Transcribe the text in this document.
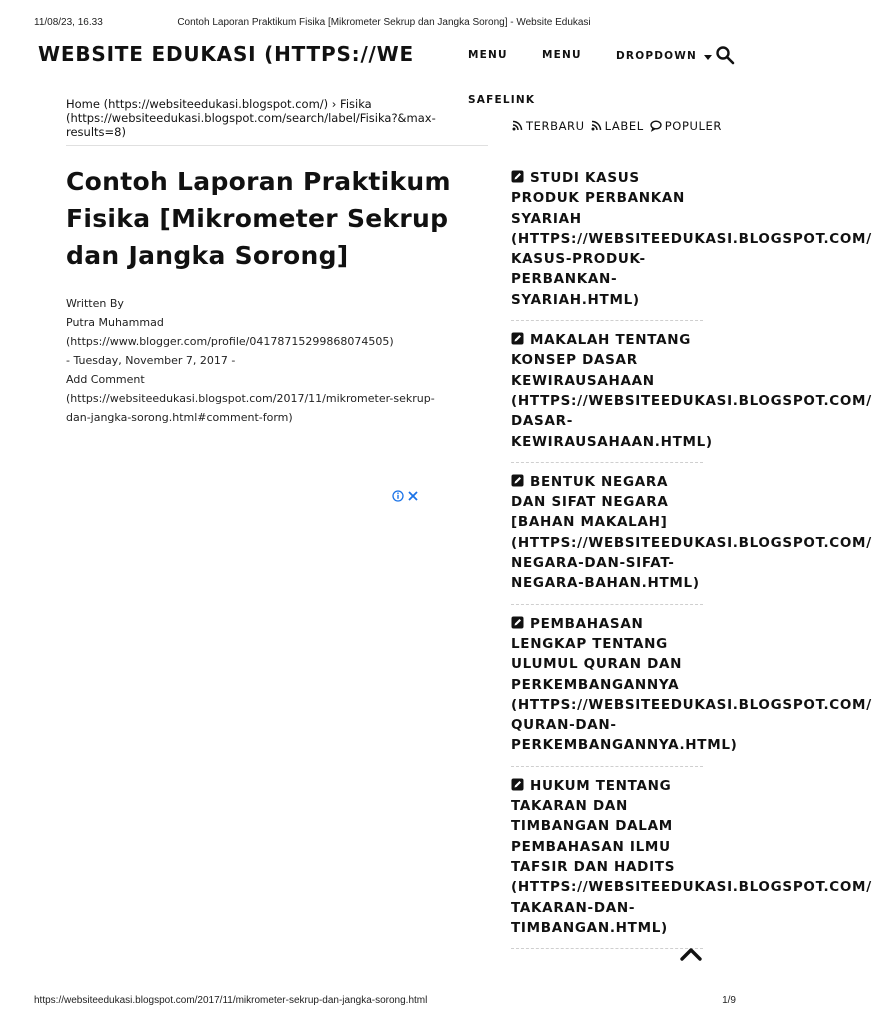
11/08/23, 16.33	Contoh Laporan Praktikum Fisika [Mikrometer Sekrup dan Jangka Sorong] - Website Edukasi
WEBSITE EDUKASI (HTTPS://WE	MENU	MENU	DROPDOWN
SAFELINK
Home (https://websiteedukasi.blogspot.com/) › Fisika
(https://websiteedukasi.blogspot.com/search/label/Fisika?&max-
results=8)	TERBARU LABEL POPULER
Contoh Laporan Praktikum
Fisika [Mikrometer Sekrup
dan Jangka Sorong]
Written By
Putra Muhammad
(https://www.blogger.com/profile/04178715299868074505)
- Tuesday, November 7, 2017 -
Add Comment
(https://websiteedukasi.blogspot.com/2017/11/mikrometer-sekrup-
dan-jangka-sorong.html#comment-form)
STUDI KASUS
PRODUK PERBANKAN
SYARIAH
(HTTPS://WEBSITEEDUKASI.BLOGSPOT.COM/
KASUS-PRODUK-
PERBANKAN-
SYARIAH.HTML)
MAKALAH TENTANG
KONSEP DASAR
KEWIRAUSAHAAN
(HTTPS://WEBSITEEDUKASI.BLOGSPOT.COM/
DASAR-
KEWIRAUSAHAAN.HTML)
BENTUK NEGARA
DAN SIFAT NEGARA
[BAHAN MAKALAH]
(HTTPS://WEBSITEEDUKASI.BLOGSPOT.COM/
NEGARA-DAN-SIFAT-
NEGARA-BAHAN.HTML)
PEMBAHASAN
LENGKAP TENTANG
ULUMUL QURAN DAN
PERKEMBANGANNYA
(HTTPS://WEBSITEEDUKASI.BLOGSPOT.COM/
QURAN-DAN-
PERKEMBANGANNYA.HTML)
HUKUM TENTANG
TAKARAN DAN
TIMBANGAN DALAM
PEMBAHASAN ILMU
TAFSIR DAN HADITS
(HTTPS://WEBSITEEDUKASI.BLOGSPOT.COM/
TAKARAN-DAN-
TIMBANGAN.HTML)
https://websiteedukasi.blogspot.com/2017/11/mikrometer-sekrup-dan-jangka-sorong.html	1/9
